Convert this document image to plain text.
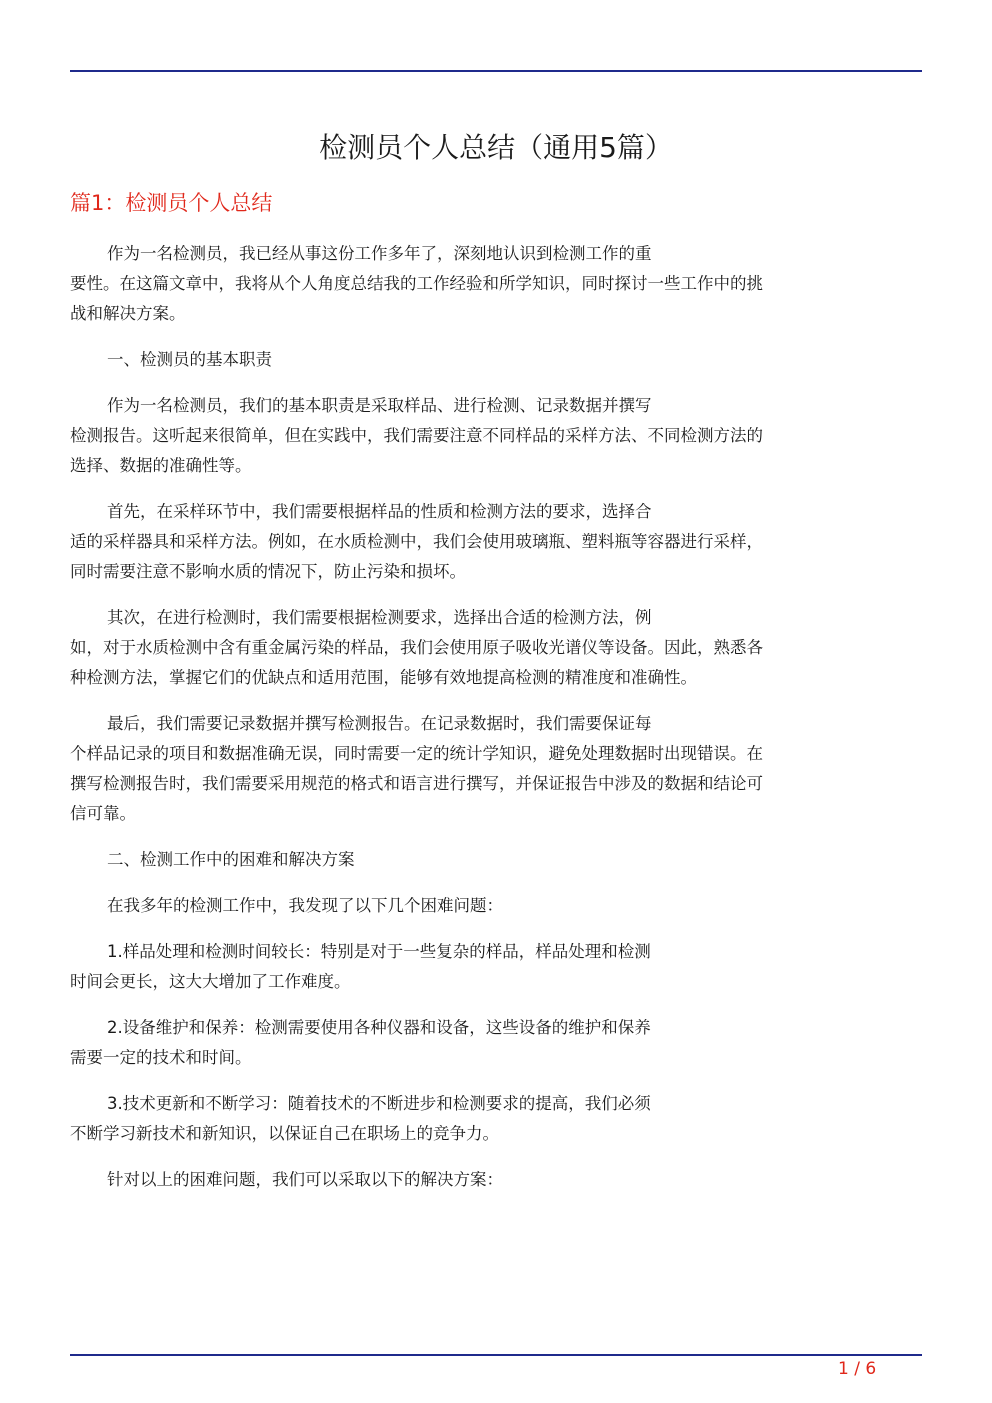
检测员个人总结（通用5篇）
篇1：检测员个人总结
作为一名检测员，我已经从事这份工作多年了，深刻地认识到检测工作的重
要性。在这篇文章中，我将从个人角度总结我的工作经验和所学知识，同时探讨一些工作中的挑
战和解决方案。
一、检测员的基本职责
作为一名检测员，我们的基本职责是采取样品、进行检测、记录数据并撰写
检测报告。这听起来很简单，但在实践中，我们需要注意不同样品的采样方法、不同检测方法的
选择、数据的准确性等。
首先，在采样环节中，我们需要根据样品的性质和检测方法的要求，选择合
适的采样器具和采样方法。例如，在水质检测中，我们会使用玻璃瓶、塑料瓶等容器进行采样，
同时需要注意不影响水质的情况下，防止污染和损坏。
其次，在进行检测时，我们需要根据检测要求，选择出合适的检测方法，例
如，对于水质检测中含有重金属污染的样品，我们会使用原子吸收光谱仪等设备。因此，熟悉各
种检测方法，掌握它们的优缺点和适用范围，能够有效地提高检测的精准度和准确性。
最后，我们需要记录数据并撰写检测报告。在记录数据时，我们需要保证每
个样品记录的项目和数据准确无误，同时需要一定的统计学知识，避免处理数据时出现错误。在
撰写检测报告时，我们需要采用规范的格式和语言进行撰写，并保证报告中涉及的数据和结论可
信可靠。
二、检测工作中的困难和解决方案
在我多年的检测工作中，我发现了以下几个困难问题：
1.样品处理和检测时间较长：特别是对于一些复杂的样品，样品处理和检测
时间会更长，这大大增加了工作难度。
2.设备维护和保养：检测需要使用各种仪器和设备，这些设备的维护和保养
需要一定的技术和时间。
3.技术更新和不断学习：随着技术的不断进步和检测要求的提高，我们必须
不断学习新技术和新知识，以保证自己在职场上的竞争力。
针对以上的困难问题，我们可以采取以下的解决方案：
1 / 6
